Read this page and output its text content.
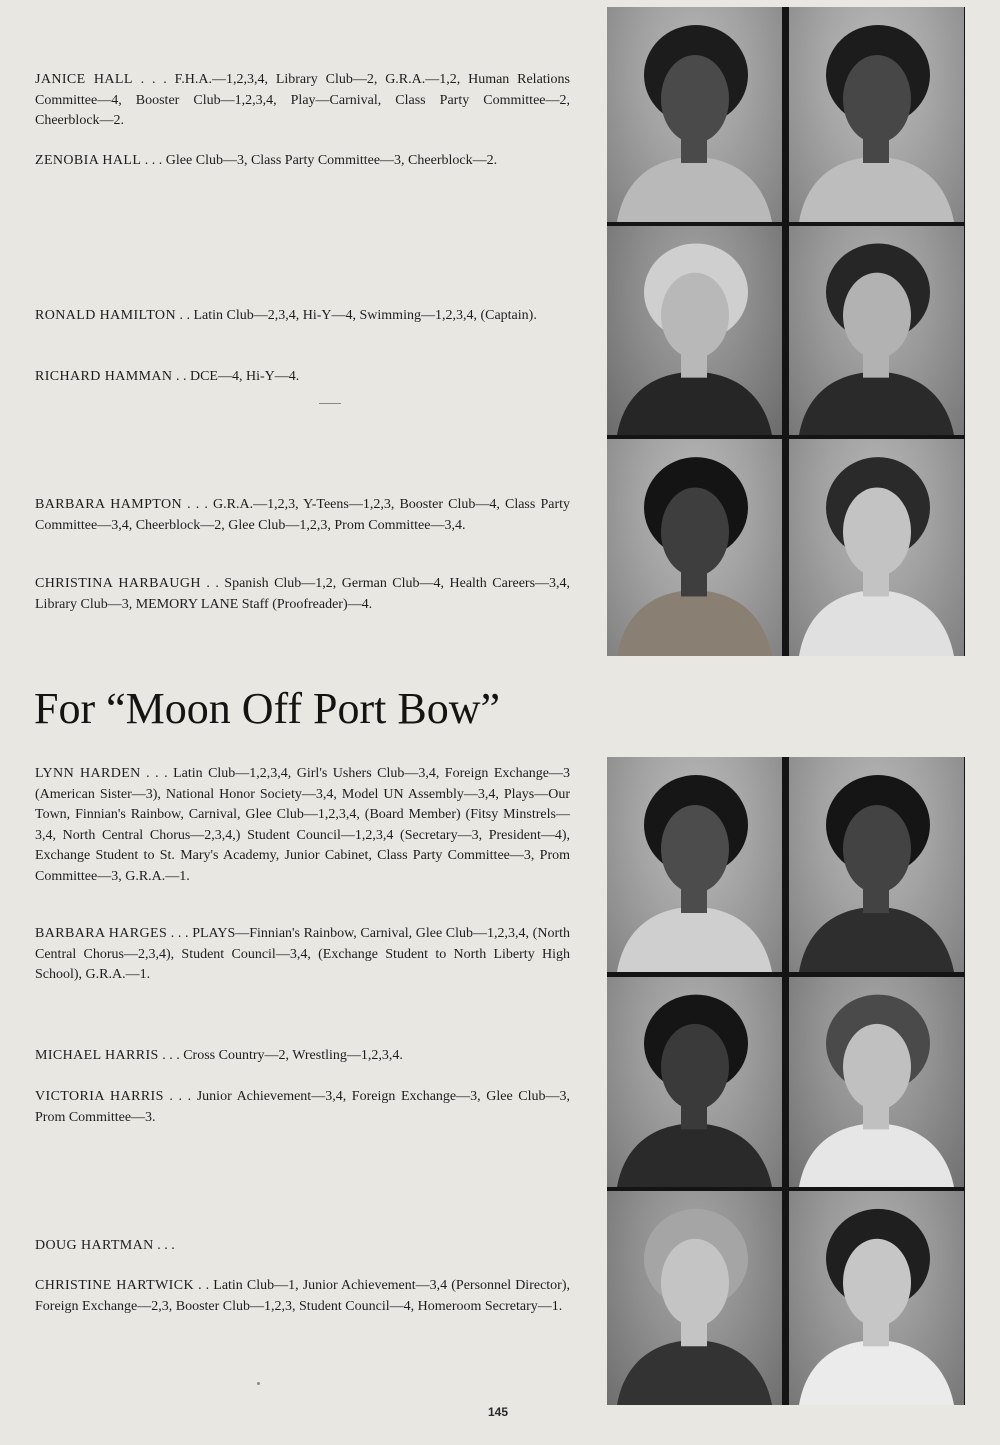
JANICE HALL . . . F.H.A.—1,2,3,4, Library Club—2, G.R.A.—1,2, Human Relations Committee—4, Booster Club—1,2,3,4, Play—Carnival, Class Party Committee—2, Cheerblock—2.
ZENOBIA HALL . . . Glee Club—3, Class Party Committee—3, Cheerblock—2.
RONALD HAMILTON . . Latin Club—2,3,4, Hi-Y—4, Swimming—1,2,3,4, (Captain).
RICHARD HAMMAN . . DCE—4, Hi-Y—4.
BARBARA HAMPTON . . . G.R.A.—1,2,3, Y-Teens—1,2,3, Booster Club—4, Class Party Committee—3,4, Cheerblock—2, Glee Club—1,2,3, Prom Committee—3,4.
CHRISTINA HARBAUGH . . Spanish Club—1,2, German Club—4, Health Careers—3,4, Library Club—3, MEMORY LANE Staff (Proofreader)—4.
For “Moon Off Port Bow”
LYNN HARDEN . . . Latin Club—1,2,3,4, Girl's Ushers Club—3,4, Foreign Exchange—3 (American Sister—3), National Honor Society—3,4, Model UN Assembly—3,4, Plays—Our Town, Finnian's Rainbow, Carnival, Glee Club—1,2,3,4, (Board Member) (Fitsy Minstrels—3,4, North Central Chorus—2,3,4,) Student Council—1,2,3,4 (Secretary—3, President—4), Exchange Student to St. Mary's Academy, Junior Cabinet, Class Party Committee—3, Prom Committee—3, G.R.A.—1.
BARBARA HARGES . . . PLAYS—Finnian's Rainbow, Carnival, Glee Club—1,2,3,4, (North Central Chorus—2,3,4), Student Council—3,4, (Exchange Student to North Liberty High School), G.R.A.—1.
MICHAEL HARRIS . . . Cross Country—2, Wrestling—1,2,3,4.
VICTORIA HARRIS . . . Junior Achievement—3,4, Foreign Exchange—3, Glee Club—3, Prom Committee—3.
DOUG HARTMAN . . .
CHRISTINE HARTWICK . . Latin Club—1, Junior Achievement—3,4 (Personnel Director), Foreign Exchange—2,3, Booster Club—1,2,3, Student Council—4, Homeroom Secretary—1.
145
